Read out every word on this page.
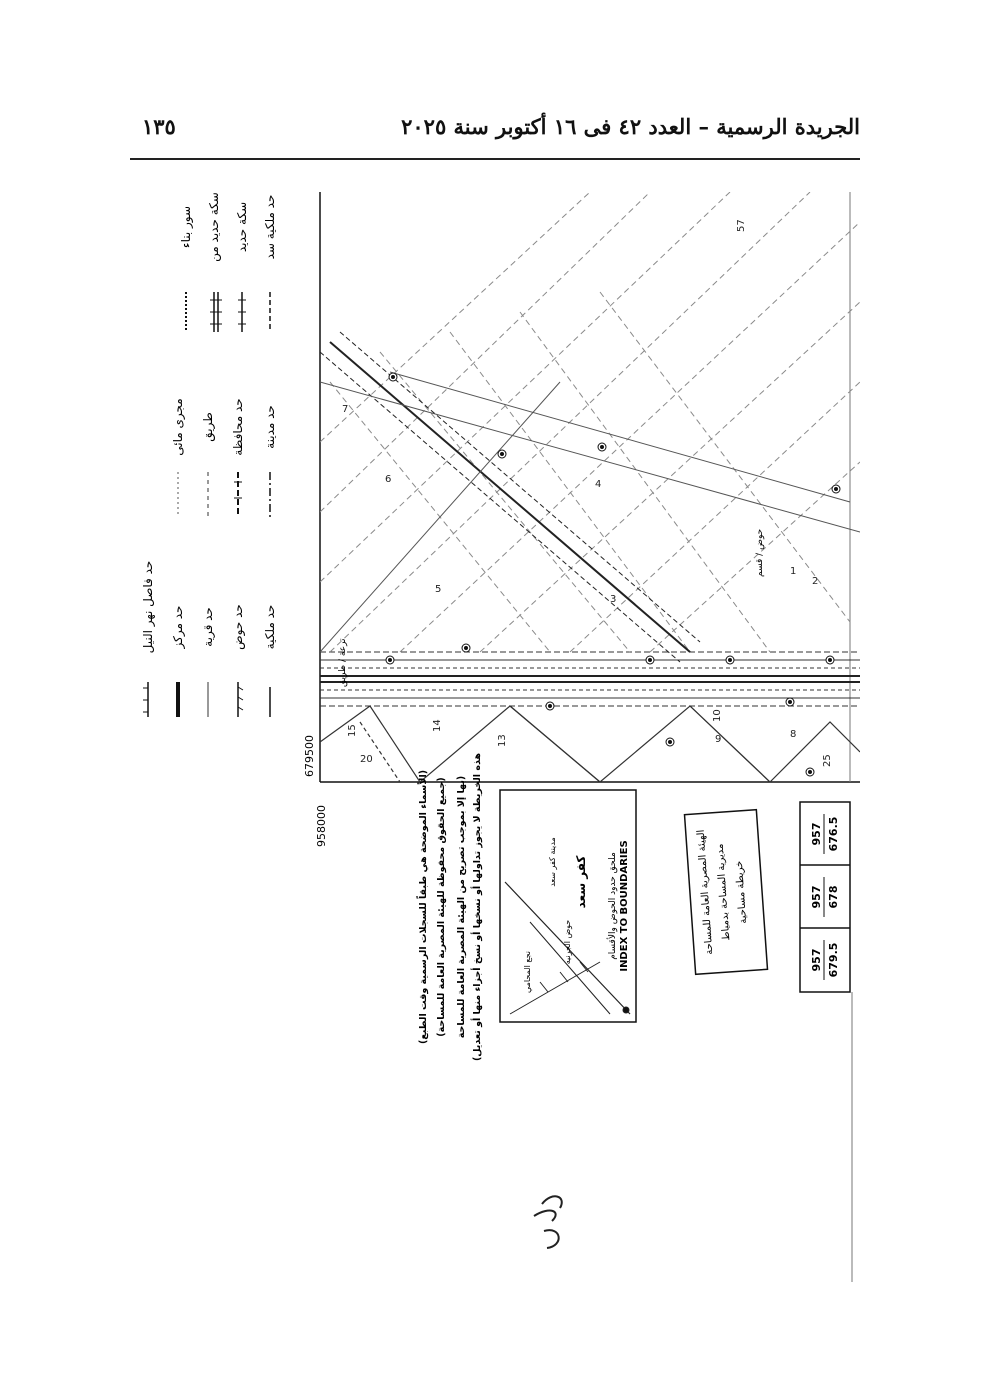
الجريدة الرسمية – العدد ٤٢ فى ١٦ أكتوبر سنة ٢٠٢٥
١٣٥
حد ملكية
حد حوض
حد قرية
حد مركز
حد فاصل نهر النيل
حد مدينة
حد محافظة
طريق
مجرى مائى
حد ملكية سد
سكة حديد
سكة حديد من
سور بناء
679500
958000
57
1
2
3
4
5
6
7
8
9
10
13
14
15
20	25
ترعة / طريق
حوض / قسم
957 676.5
957 678
957 679.5
الهيئة المصرية العامة للمساحة مديرية المساحة بدمياط خريطة مساحية
INDEX TO BOUNDARIES
ملحق حدود الحوض والأقسام
حوض الجرنيه
كفر سعد
مدينة كفر سعد
نجع المحامي
(هذه الخريطة لا يجوز تداولها أو نسخها أو نسخ أجزاء منها أو تعديل
بها إلا بموجب تصريح من الهيئة المصرية العامة للمساحة)
(جميع الحقوق محفوظة للهيئة المصرية العامة للمساحة)
(الأسماء الموضحة هي طبقاً للسجلات الرسمية وقت الطبع)
